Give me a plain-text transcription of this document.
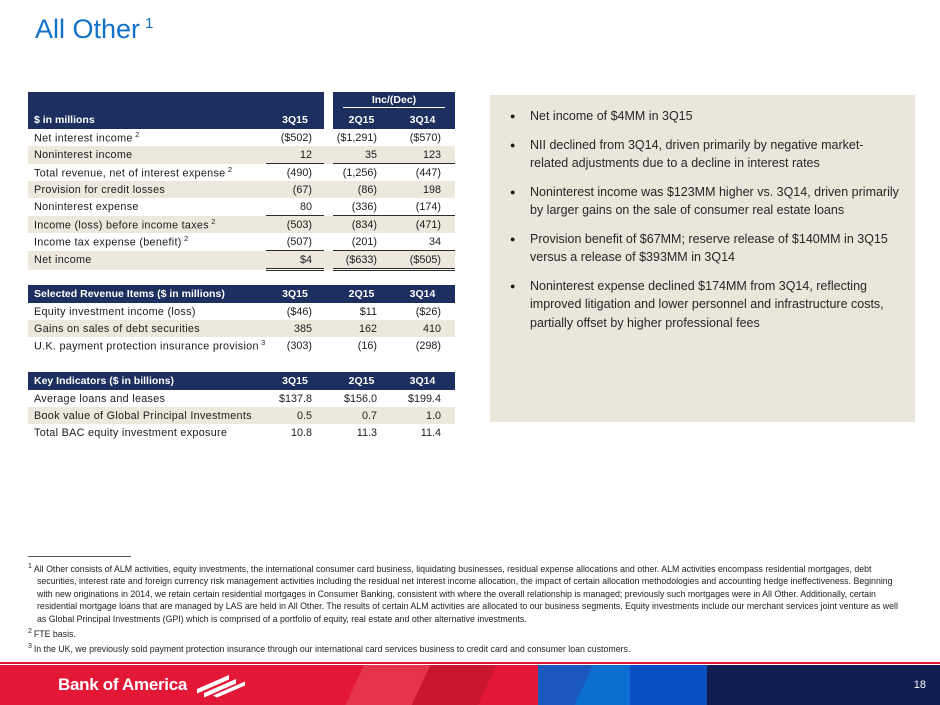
All Other $^1$

			Inc/(Dec)	

$ in millions	3Q15		2Q15	3Q14
Net interest income $^2$	($502)		($1,291)	($570)
Noninterest income	12		35	123
Total revenue, net of interest expense $^2$	(490)		(1,256)	(447)
Provision for credit losses	(67)		(86)	198
Noninterest expense	80		(336)	(174)
Income (loss) before income taxes $^2$	(503)		(834)	(471)
Income tax expense (benefit) $^2$	(507)		(201)	34
Net income	$4		($633)	($505)
Selected Revenue Items ($ in millions)	3Q15		2Q15	3Q14
Equity investment income (loss)	($46)		$11	($26)
Gains on sales of debt securities	385		162	410
U.K. payment protection insurance provision $^3$	(303)		(16)	(298)
Key Indicators ($ in billions)	3Q15		2Q15	3Q14
Average loans and leases	$137.8		$156.0	$199.4
Book value of Global Principal Investments	0.5		0.7	1.0
Total BAC equity investment exposure	10.8		11.3	11.4
● Net income of $4MM in 3Q15
● NII declined from 3Q14, driven primarily by negative market-related adjustments due to a decline in interest rates
● Noninterest income was $123MM higher vs. 3Q14, driven primarily by larger gains on the sale of consumer real estate loans
● Provision benefit of $67MM; reserve release of $140MM in 3Q15 versus a release of $393MM in 3Q14
● Noninterest expense declined $174MM from 3Q14, reflecting improved litigation and lower personnel and infrastructure costs, partially offset by higher professional fees
$^1$ All Other consists of ALM activities, equity investments, the international consumer card business, liquidating businesses, residual expense allocations and other. ALM activities encompass residential mortgages, debt securities, interest rate and foreign currency risk management activities including the residual net interest income allocation, the impact of certain allocation methodologies and accounting hedge ineffectiveness. Beginning with new originations in 2014, we retain certain residential mortgages in Consumer Banking, consistent with where the overall relationship is managed; previously such mortgages were in All Other. Additionally, certain residential mortgage loans that are managed by LAS are held in All Other. The results of certain ALM activities are allocated to our business segments. Equity investments include our merchant services joint venture as well as Global Principal Investments (GPI) which is comprised of a portfolio of equity, real estate and other alternative investments.
$^2$ FTE basis.
$^3$ In the UK, we previously sold payment protection insurance through our international card services business to credit card and consumer loan customers.
Bank of America	18
